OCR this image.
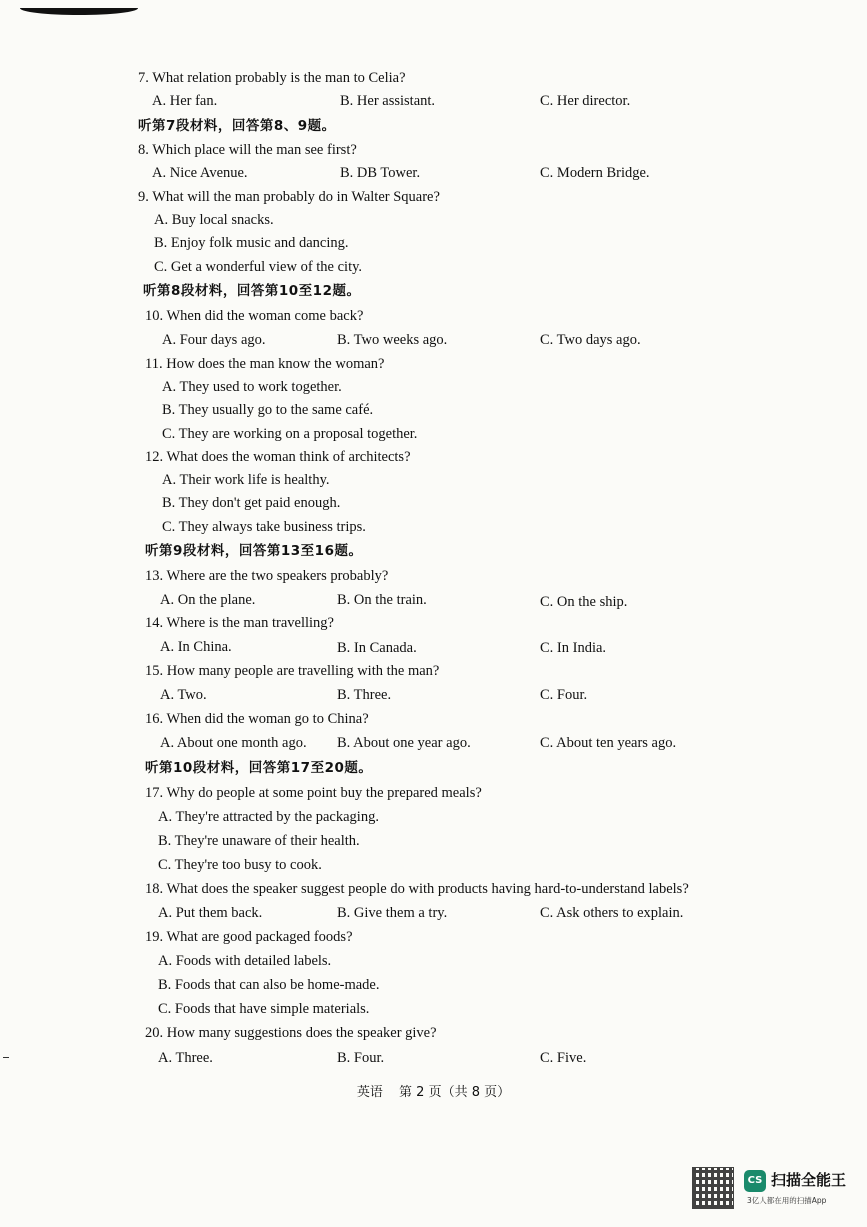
7. What relation probably is the man to Celia?
A. Her fan.	B. Her assistant.	C. Her director.
听第7段材料，回答第8、9题。
8. Which place will the man see first?
A. Nice Avenue.	B. DB Tower.	C. Modern Bridge.
9. What will the man probably do in Walter Square?
A. Buy local snacks.
B. Enjoy folk music and dancing.
C. Get a wonderful view of the city.
听第8段材料，回答第10至12题。
10. When did the woman come back?
A. Four days ago.	B. Two weeks ago.	C. Two days ago.
11. How does the man know the woman?
A. They used to work together.
B. They usually go to the same café.
C. They are working on a proposal together.
12. What does the woman think of architects?
A. Their work life is healthy.
B. They don't get paid enough.
C. They always take business trips.
听第9段材料，回答第13至16题。
13. Where are the two speakers probably?
A. On the plane.	B. On the train.	C. On the ship.
14. Where is the man travelling?
A. In China.	B. In Canada.	C. In India.
15. How many people are travelling with the man?
A. Two.	B. Three.	C. Four.
16. When did the woman go to China?
A. About one month ago. B. About one year ago.	C. About ten years ago.
听第10段材料，回答第17至20题。
17. Why do people at some point buy the prepared meals?
A. They're attracted by the packaging.
B. They're unaware of their health.
C. They're too busy to cook.
18. What does the speaker suggest people do with products having hard-to-understand labels?
A. Put them back.	B. Give them a try.	C. Ask others to explain.
19. What are good packaged foods?
A. Foods with detailed labels.
B. Foods that can also be home-made.
C. Foods that have simple materials.
20. How many suggestions does the speaker give?
A. Three.	B. Four.	C. Five.
英语 第 2 页（共 8 页）
CS 扫描全能王
3亿人都在用的扫描App
